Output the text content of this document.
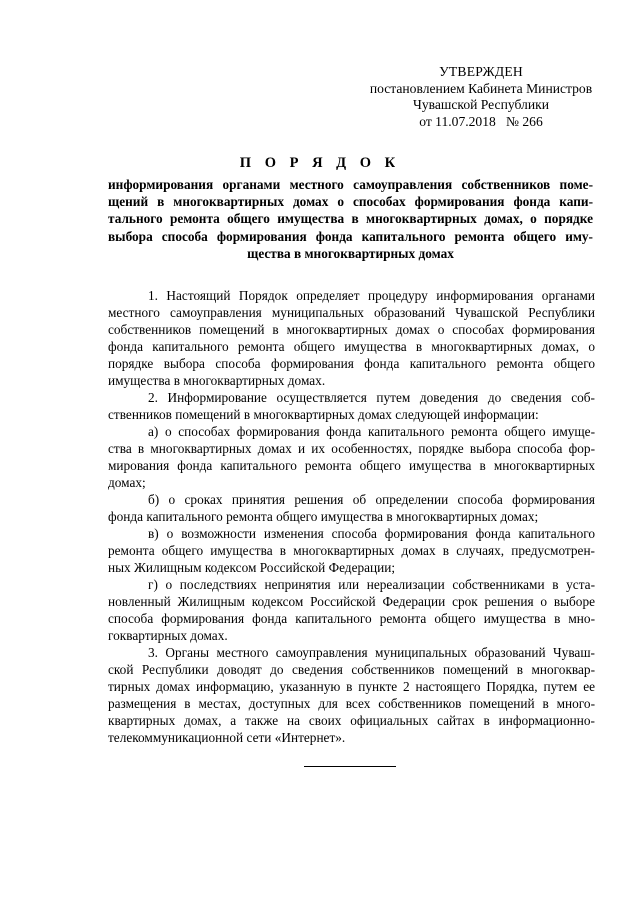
УТВЕРЖДЕН
постановлением Кабинета Министров
Чувашской Республики
от 11.07.2018   № 266
П О Р Я Д О К
информирования органами местного самоуправления собственников поме-
щений в многоквартирных домах о способах формирования фонда капи-
тального ремонта общего имущества в многоквартирных домах, о порядке
выбора способа формирования фонда капитального ремонта общего иму-
щества в многоквартирных домах
1. Настоящий Порядок определяет процедуру информирования органами
местного самоуправления муниципальных образований Чувашской Республики
собственников помещений в многоквартирных домах о способах формирования
фонда капитального ремонта общего имущества в многоквартирных домах, о
порядке выбора способа формирования фонда капитального ремонта общего
имущества в многоквартирных домах.
2. Информирование осуществляется путем доведения до сведения соб-
ственников помещений в многоквартирных домах следующей информации:
а) о способах формирования фонда капитального ремонта общего имуще-
ства в многоквартирных домах и их особенностях, порядке выбора способа фор-
мирования фонда капитального ремонта общего имущества в многоквартирных
домах;
б) о сроках принятия решения об определении способа формирования
фонда капитального ремонта общего имущества в многоквартирных домах;
в) о возможности изменения способа формирования фонда капитального
ремонта общего имущества в многоквартирных домах в случаях, предусмотрен-
ных Жилищным кодексом Российской Федерации;
г) о последствиях непринятия или нереализации собственниками в уста-
новленный Жилищным кодексом Российской Федерации срок решения о выборе
способа формирования фонда капитального ремонта общего имущества в мно-
гоквартирных домах.
3. Органы местного самоуправления муниципальных образований Чуваш-
ской Республики доводят до сведения собственников помещений в многоквар-
тирных домах информацию, указанную в пункте 2 настоящего Порядка, путем ее
размещения в местах, доступных для всех собственников помещений в много-
квартирных домах, а также на своих официальных сайтах в информационно-
телекоммуникационной сети «Интернет».
